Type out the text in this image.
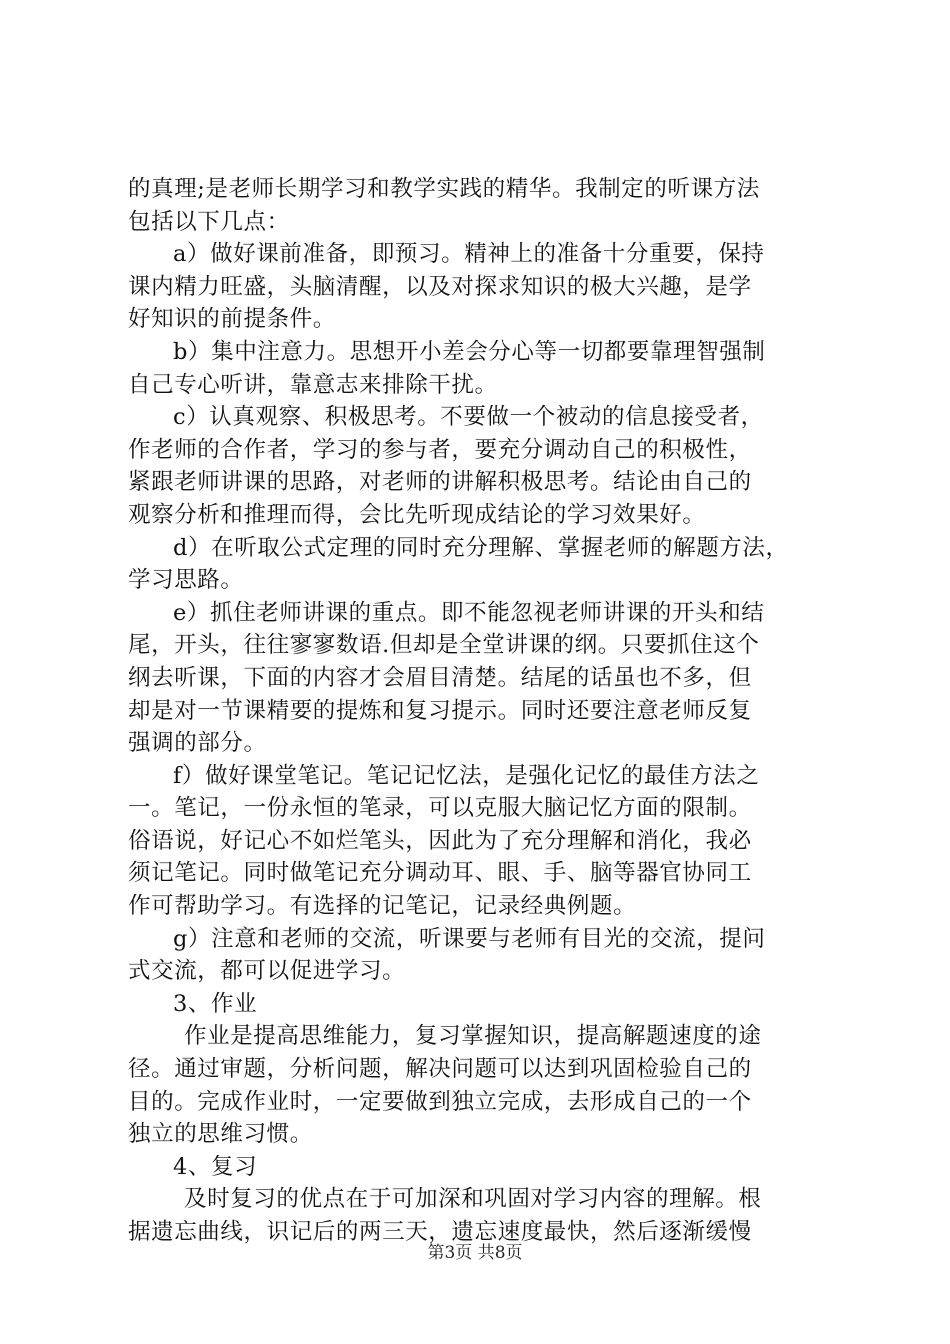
的真理;是老师长期学习和教学实践的精华。我制定的听课方法
包括以下几点：
a）做好课前准备，即预习。精神上的准备十分重要，保持
课内精力旺盛，头脑清醒，以及对探求知识的极大兴趣，是学
好知识的前提条件。
b）集中注意力。思想开小差会分心等一切都要靠理智强制
自己专心听讲，靠意志来排除干扰。
c）认真观察、积极思考。不要做一个被动的信息接受者，
作老师的合作者，学习的参与者，要充分调动自己的积极性，
紧跟老师讲课的思路，对老师的讲解积极思考。结论由自己的
观察分析和推理而得，会比先听现成结论的学习效果好。
d）在听取公式定理的同时充分理解、掌握老师的解题方法，
学习思路。
e）抓住老师讲课的重点。即不能忽视老师讲课的开头和结
尾，开头，往往寥寥数语.但却是全堂讲课的纲。只要抓住这个
纲去听课，下面的内容才会眉目清楚。结尾的话虽也不多，但
却是对一节课精要的提炼和复习提示。同时还要注意老师反复
强调的部分。
f）做好课堂笔记。笔记记忆法，是强化记忆的最佳方法之
一。笔记，一份永恒的笔录，可以克服大脑记忆方面的限制。
俗语说，好记心不如烂笔头，因此为了充分理解和消化，我必
须记笔记。同时做笔记充分调动耳、眼、手、脑等器官协同工
作可帮助学习。有选择的记笔记，记录经典例题。
g）注意和老师的交流，听课要与老师有目光的交流，提问
式交流，都可以促进学习。
3、作业
作业是提高思维能力，复习掌握知识，提高解题速度的途
径。通过审题，分析问题，解决问题可以达到巩固检验自己的
目的。完成作业时，一定要做到独立完成，去形成自己的一个
独立的思维习惯。
4、复习
及时复习的优点在于可加深和巩固对学习内容的理解。根
据遗忘曲线，识记后的两三天，遗忘速度最快，然后逐渐缓慢
第3页 共8页
